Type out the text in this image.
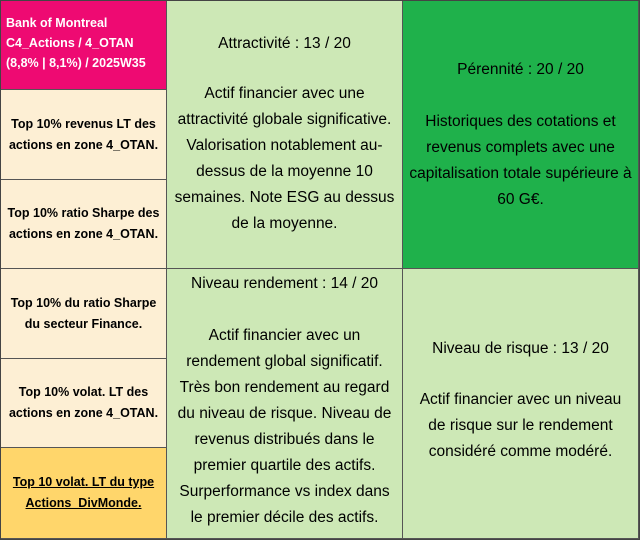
Bank of Montreal
C4_Actions / 4_OTAN
(8,8% | 8,1%) / 2025W35
Top 10% revenus LT des actions en zone 4_OTAN.
Top 10% ratio Sharpe des actions en zone 4_OTAN.
Top 10% du ratio Sharpe du secteur Finance.
Top 10% volat. LT des actions en zone 4_OTAN.
Top 10 volat. LT du type Actions_DivMonde.
Attractivité : 13 / 20
Actif financier avec une attractivité globale significative. Valorisation notablement au-dessus de la moyenne 10 semaines. Note ESG au dessus de la moyenne.
Pérennité : 20 / 20
Historiques des cotations et revenus complets avec une capitalisation totale supérieure à 60 G€.
Niveau rendement : 14 / 20
Actif financier avec un rendement global significatif. Très bon rendement au regard du niveau de risque. Niveau de revenus distribués dans le premier quartile des actifs. Surperformance vs index dans le premier décile des actifs.
Niveau de risque : 13 / 20
Actif financier avec un niveau de risque sur le rendement considéré comme modéré.
